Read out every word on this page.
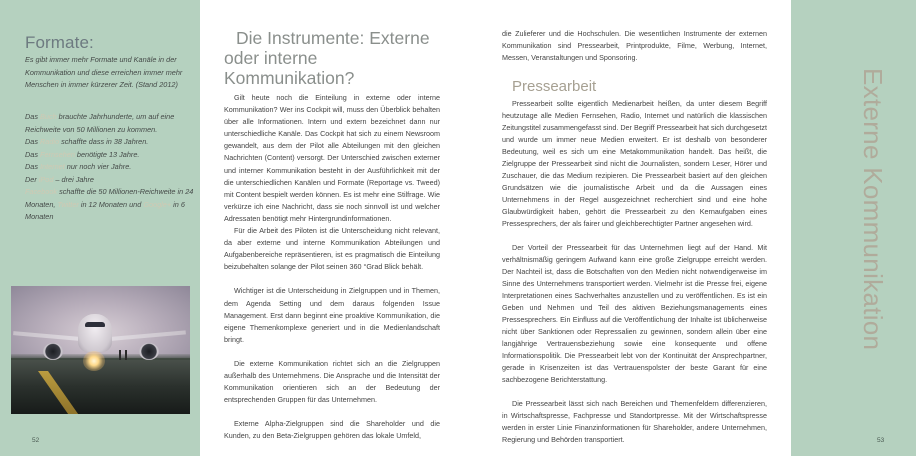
Formate:
Es gibt immer mehr Formate und Kanäle in der Kommunikation und diese erreichen immer mehr Menschen in immer kürzerer Zeit. (Stand 2012)
Das Buch brauchte Jahrhunderte, um auf eine Reichweite von 50 Millionen zu kommen.
Das Radio schaffte dass in 38 Jahren.
Das Fernsehen benötigte 13 Jahre.
Das Internet nur noch vier Jahre.
Der iPod – drei Jahre
Facebook schaffte die 50 Millionen-Reichweite in 24 Monaten, Twitter in 12 Monaten und Google+ in 6 Monaten
52
Die Instrumente: Externe oder interne Kommunikation?

Gilt heute noch die Einteilung in externe oder interne Kommunikation? Wer ins Cockpit will, muss den Überblick behalten über alle Informationen. Intern und extern bezeichnet dann nur unterschiedliche Kanäle. Das Cockpit hat sich zu einem Newsroom gewandelt, aus dem der Pilot alle Abteilungen mit den gleichen Nachrichten (Content) versorgt. Der Unterschied zwischen externer und interner Kommunikation besteht in der Ausführlichkeit mit der die unterschiedlichen Kanälen und Formate (Reportage vs. Tweed) mit Content bespielt werden können. Es ist mehr eine Stilfrage. Wie verkürze ich eine Nachricht, dass sie noch sinnvoll ist und welcher Adressaten benötigt mehr Hintergrundinformationen.

Für die Arbeit des Piloten ist die Unterscheidung nicht relevant, da aber externe und interne Kommunikation Abteilungen und Aufgabenbereiche repräsentieren, ist es pragmatisch die Einteilung beizubehalten solange der Pilot seinen 360 °Grad Blick behält.

Wichtiger ist die Unterscheidung in Zielgruppen und in Themen, dem Agenda Setting und dem daraus folgenden Issue Management. Erst dann beginnt eine proaktive Kommunikation, die eigene Themenkomplexe generiert und in die Medienlandschaft bringt.

Die externe Kommunikation richtet sich an die Zielgruppen außerhalb des Unternehmens. Die Ansprache und die Intensität der Kommunikation orientieren sich an der Bedeutung der entsprechenden Gruppen für das Unternehmen.

Externe Alpha-Zielgruppen sind die Shareholder und die Kunden, zu den Beta-Zielgruppen gehören das lokale Umfeld,

die Zulieferer und die Hochschulen. Die wesentlichen Instrumente der externen Kommunikation sind Pressearbeit, Printprodukte, Filme, Werbung, Internet, Messen, Veranstaltungen und Sponsoring.

Pressearbeit

Pressearbeit sollte eigentlich Medienarbeit heißen, da unter diesem Begriff heutzutage alle Medien Fernsehen, Radio, Internet und natürlich die klassischen Zeitungstitel zusammengefasst sind. Der Begriff Pressearbeit hat sich durchgesetzt und wurde um immer neue Medien erweitert. Er ist deshalb von besonderer Bedeutung, weil es sich um eine Metakommunikation handelt. Das heißt, die Zielgruppe der Pressearbeit sind nicht die Journalisten, sondern Leser, Hörer und Zuschauer, die das Medium rezipieren. Die Pressearbeit basiert auf den gleichen Grundsätzen wie die journalistische Arbeit und da die Aussagen eines Unternehmens in der Regel ausgezeichnet recherchiert sind und eine hohe Glaubwürdigkeit haben, gehört die Pressearbeit zu den Kernaufgaben eines Pressesprechers, der als fairer und gleichberechtigter Partner angesehen wird.

Der Vorteil der Pressearbeit für das Unternehmen liegt auf der Hand. Mit verhältnismäßig geringem Aufwand kann eine große Zielgruppe erreicht werden. Der Nachteil ist, dass die Botschaften von den Medien nicht notwendigerweise im Sinne des Unternehmens transportiert werden. Vielmehr ist die Presse frei, eigene Interpretationen eines Sachverhaltes anzustellen und zu veröffentlichen. Es ist ein Geben und Nehmen und Teil des aktiven Beziehungsmanagements eines Pressesprechers. Ein Einfluss auf die Veröffentlichung der Inhalte ist üblicherweise nicht über Sanktionen oder Repressalien zu gewinnen, sondern allein über eine langjährige Vertrauensbeziehung sowie eine konsequente und offene Informationspolitik. Die Pressearbeit lebt von der Kontinuität der Ansprechpartner, gerade in Krisenzeiten ist das Vertrauenspolster der beste Garant für eine sachbezogene Berichterstattung.

Die Pressearbeit lässt sich nach Bereichen und Themenfeldern differenzieren, in Wirtschaftspresse, Fachpresse und Standortpresse. Mit der Wirtschaftspresse werden in erster Linie Finanzinformationen für Shareholder, andere Unternehmen, Regierung und Behörden transportiert.

Externe Kommunikation
53
